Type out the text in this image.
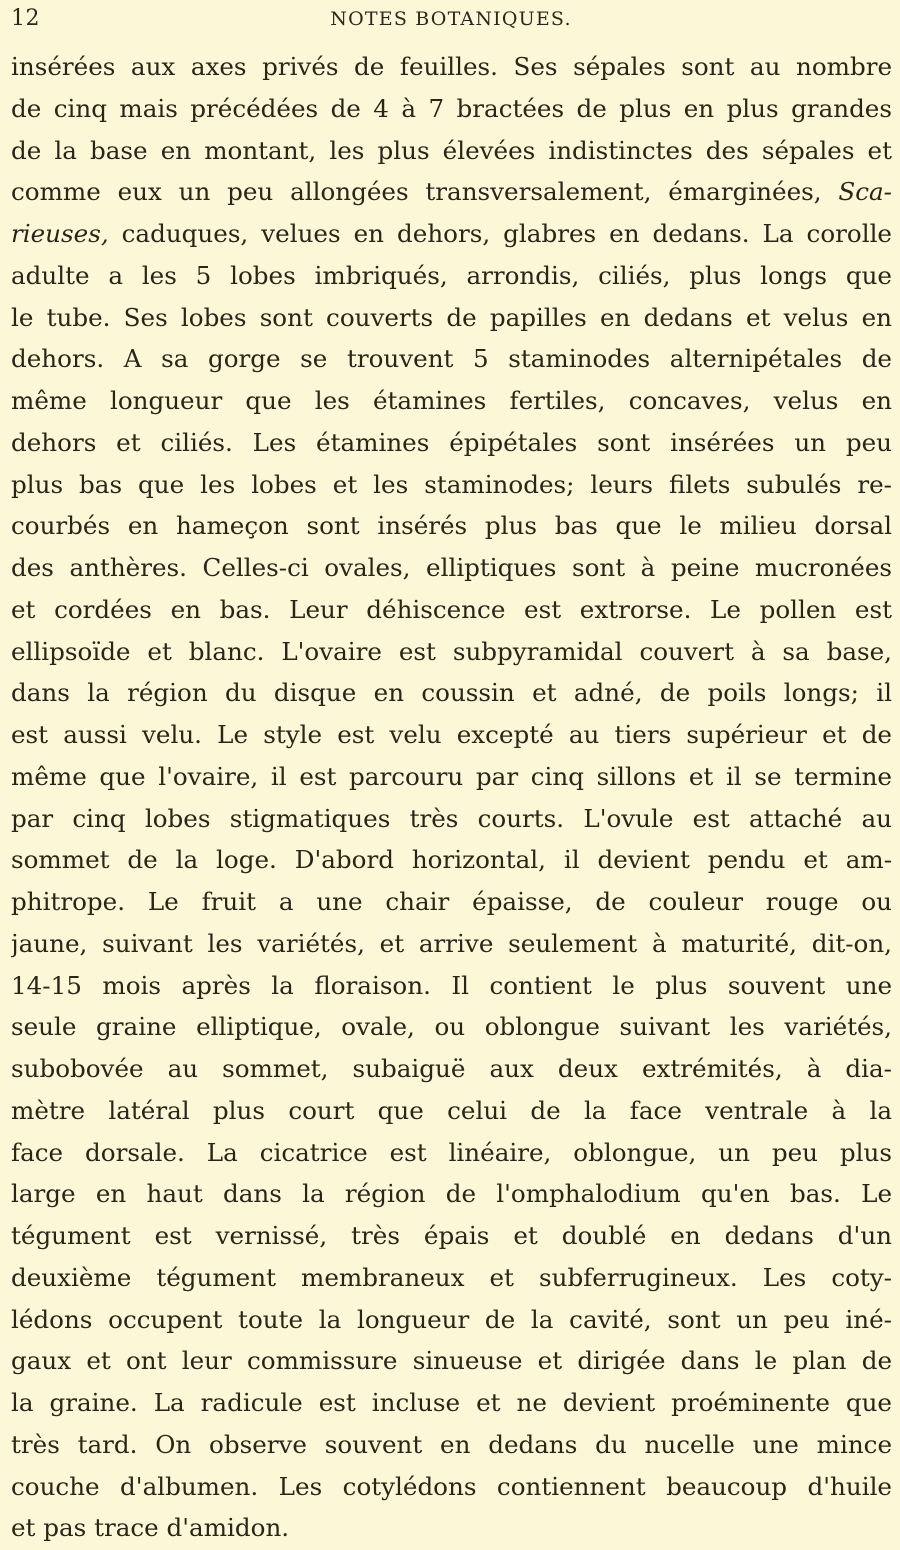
12	NOTES BOTANIQUES.
insérées aux axes privés de feuilles. Ses sépales sont au nombre
de cinq mais précédées de 4 à 7 bractées de plus en plus grandes
de la base en montant, les plus élevées indistinctes des sépales et
comme eux un peu allongées transversalement, émarginées, Sca-
rieuses, caduques, velues en dehors, glabres en dedans. La corolle
adulte a les 5 lobes imbriqués, arrondis, ciliés, plus longs que
le tube. Ses lobes sont couverts de papilles en dedans et velus en
dehors. A sa gorge se trouvent 5 staminodes alternipétales de
même longueur que les étamines fertiles, concaves, velus en
dehors et ciliés. Les étamines épipétales sont insérées un peu
plus bas que les lobes et les staminodes; leurs filets subulés re-
courbés en hameçon sont insérés plus bas que le milieu dorsal
des anthères. Celles-ci ovales, elliptiques sont à peine mucronées
et cordées en bas. Leur déhiscence est extrorse. Le pollen est
ellipsoïde et blanc. L'ovaire est subpyramidal couvert à sa base,
dans la région du disque en coussin et adné, de poils longs; il
est aussi velu. Le style est velu excepté au tiers supérieur et de
même que l'ovaire, il est parcouru par cinq sillons et il se termine
par cinq lobes stigmatiques très courts. L'ovule est attaché au
sommet de la loge. D'abord horizontal, il devient pendu et am-
phitrope. Le fruit a une chair épaisse, de couleur rouge ou
jaune, suivant les variétés, et arrive seulement à maturité, dit-on,
14-15 mois après la floraison. Il contient le plus souvent une
seule graine elliptique, ovale, ou oblongue suivant les variétés,
subobovée au sommet, subaiguë aux deux extrémités, à dia-
mètre latéral plus court que celui de la face ventrale à la
face dorsale. La cicatrice est linéaire, oblongue, un peu plus
large en haut dans la région de l'omphalodium qu'en bas. Le
tégument est vernissé, très épais et doublé en dedans d'un
deuxième tégument membraneux et subferrugineux. Les coty-
lédons occupent toute la longueur de la cavité, sont un peu iné-
gaux et ont leur commissure sinueuse et dirigée dans le plan de
la graine. La radicule est incluse et ne devient proéminente que
très tard. On observe souvent en dedans du nucelle une mince
couche d'albumen. Les cotylédons contiennent beaucoup d'huile
et pas trace d'amidon.
